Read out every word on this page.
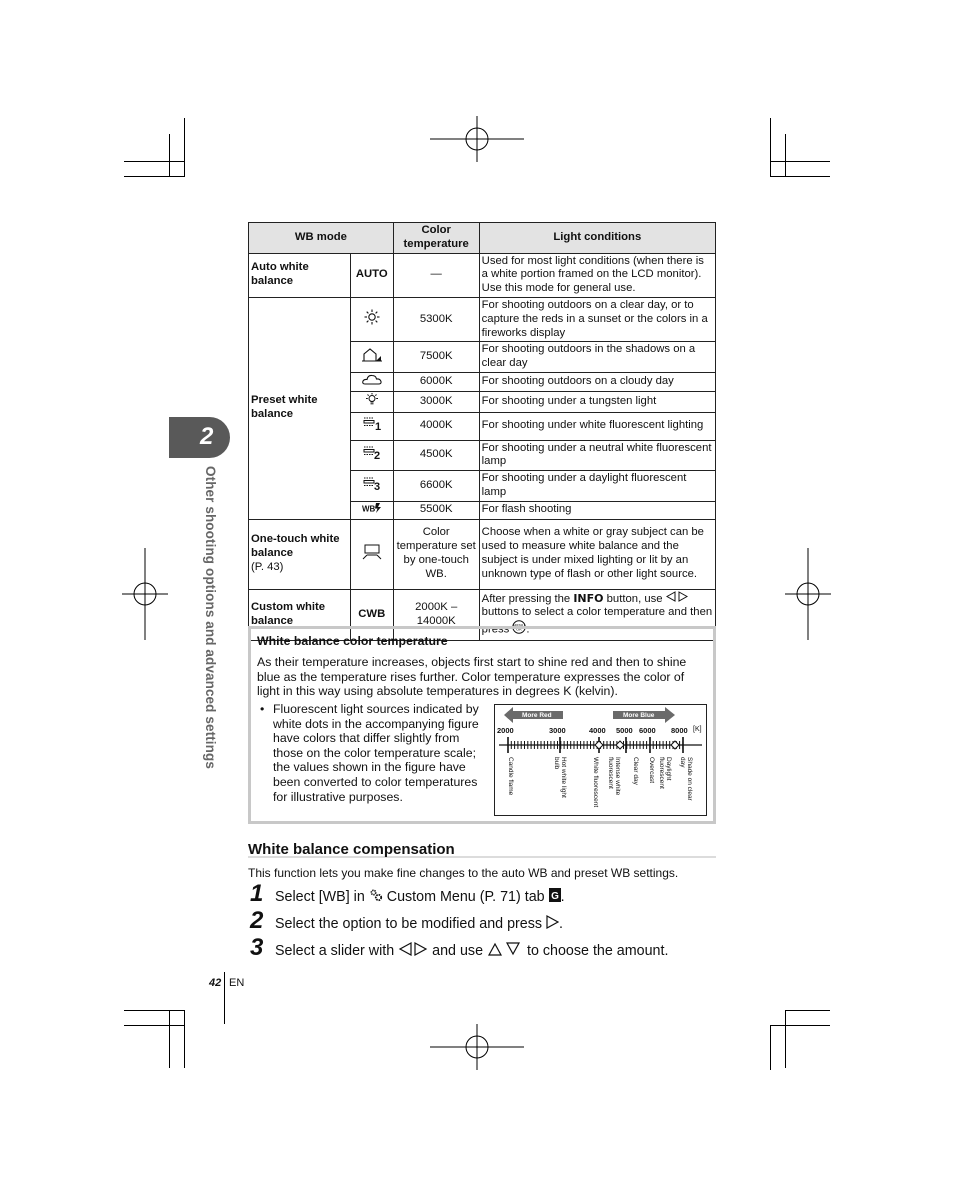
2
Other shooting options and advanced settings
WB mode		Color temperature	Light conditions
Auto white balance	AUTO	—	Used for most light conditions (when there is a white portion framed on the LCD monitor). Use this mode for general use.
Preset white balance		5300K	For shooting outdoors on a clear day, or to capture the reds in a sunset or the colors in a fireworks display
	7500K	For shooting outdoors in the shadows on a clear day
	6000K	For shooting outdoors on a cloudy day
	3000K	For shooting under a tungsten light

1	4000K	For shooting under white fluorescent lighting

2	4500K	For shooting under a neutral white fluorescent lamp

3	6600K	For shooting under a daylight fluorescent lamp

WB	5500K	For flash shooting
One-touch white balance
(P. 43)		Color temperature set by one-touch WB.	Choose when a white or gray subject can be used to measure white balance and the subject is under mixed lighting or lit by an unknown type of flash or other light source.
Custom white balance	CWB	2000K – 14000K	After pressing the INFO button, use  buttons to select a color temperature and then press MENU
OK .
White balance color temperature
As their temperature increases, objects first start to shine red and then to shine blue as the temperature rises further. Color temperature expresses the color of light in this way using absolute temperatures in degrees K (kelvin).
• Fluorescent light sources indicated by white dots in the accompanying figure have colors that differ slightly from those on the color temperature scale; the values shown in the figure have been converted to color temperatures for illustrative purposes.
More Red	More Blue
2000	3000	4000 5000 6000 8000 [K]
Candle flame	Hot white light bulb	White fluorescent	Intense white fluorescent	Clear day Overcast	Daylight fluorescent	Shade on clear day
White balance compensation
This function lets you make fine changes to the auto WB and preset WB settings.
1 Select [WB] in  Custom Menu (P. 71) tab G .
2 Select the option to be modified and press .
3 Select a slider with  and use	to choose the amount.
42 EN
